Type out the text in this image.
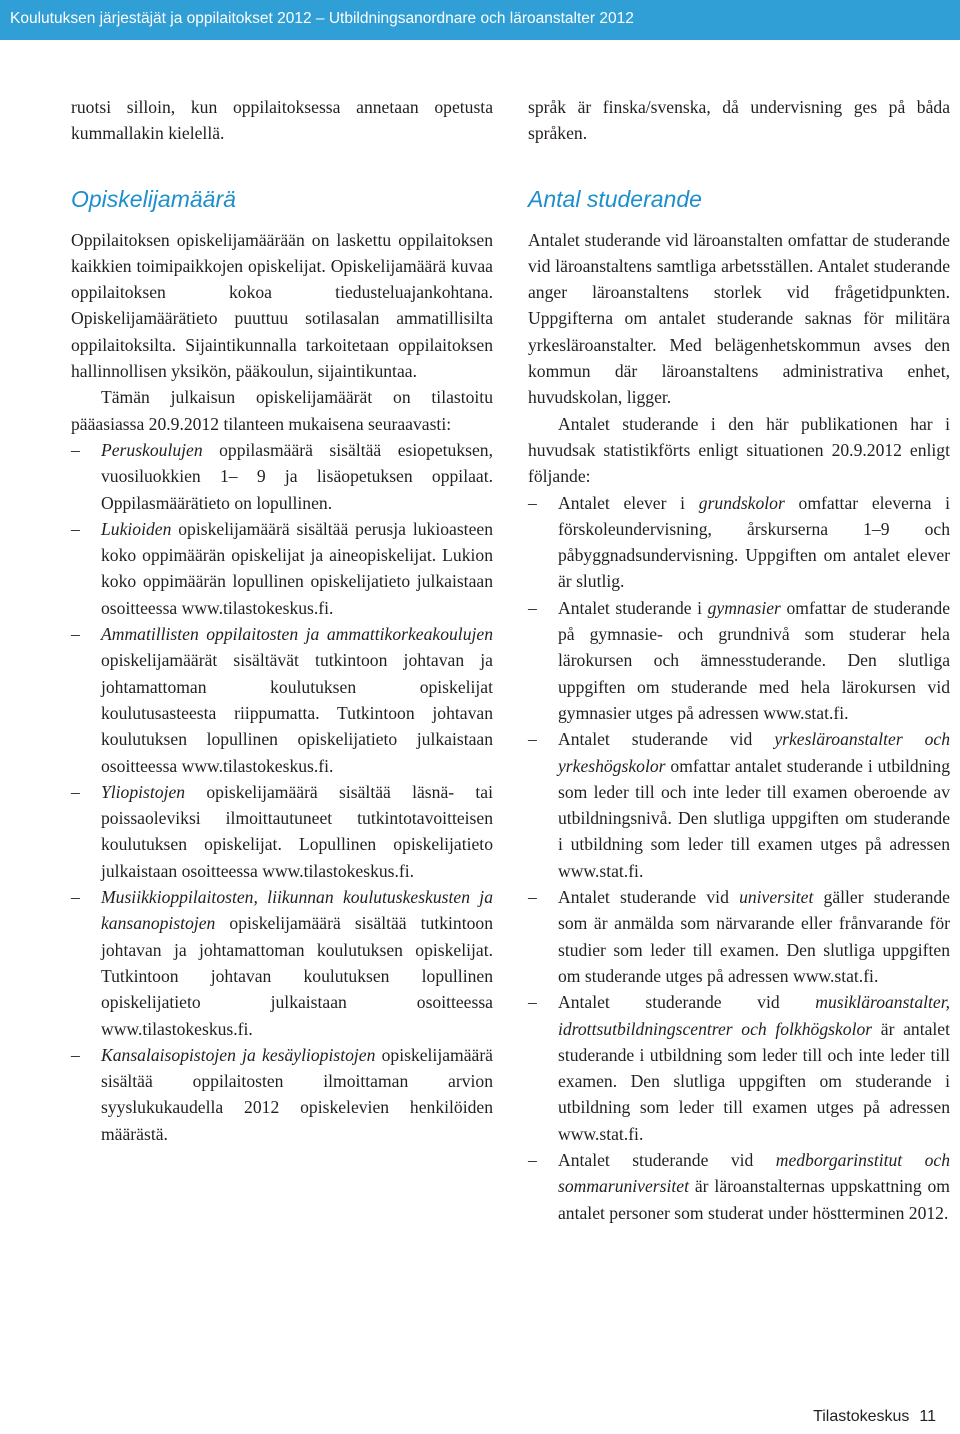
Koulutuksen järjestäjät ja oppilaitokset 2012 – Utbildningsanordnare och läroanstalter 2012

ruotsi silloin, kun oppilaitoksessa annetaan opetusta kummallakin kielellä.

Opiskelijamäärä

Oppilaitoksen opiskelijamäärään on laskettu oppilaitoksen kaikkien toimipaikkojen opiskelijat. Opiskelijamäärä kuvaa oppilaitoksen kokoa tiedusteluajankohtana. Opiskelijamäärätieto puuttuu sotilasalan ammatillisilta oppilaitoksilta. Sijaintikunnalla tarkoitetaan oppilaitoksen hallinnollisen yksikön, pääkoulun, sijaintikuntaa.

Tämän julkaisun opiskelijamäärät on tilastoitu pääasiassa 20.9.2012 tilanteen mukaisena seuraavasti:

–	Peruskoulujen oppilasmäärä sisältää esiopetuksen, vuosiluokkien 1– 9 ja lisäopetuksen oppilaat. Oppilasmäärätieto on lopullinen.
–	Lukioiden opiskelijamäärä sisältää perusja lukioasteen koko oppimäärän opiskelijat ja aineopiskelijat. Lukion koko oppimäärän lopullinen opiskelijatieto julkaistaan osoitteessa www.tilastokeskus.fi.
–	Ammatillisten oppilaitosten ja ammattikorkeakoulujen opiskelijamäärät sisältävät tutkintoon johtavan ja johtamattoman koulutuksen opiskelijat koulutusasteesta riippumatta. Tutkintoon johtavan koulutuksen lopullinen opiskelijatieto julkaistaan osoitteessa www.tilastokeskus.fi.
–	Yliopistojen opiskelijamäärä sisältää läsnä- tai poissaoleviksi ilmoittautuneet tutkintotavoitteisen koulutuksen opiskelijat. Lopullinen opiskelijatieto julkaistaan osoitteessa www.tilastokeskus.fi.
–	Musiikkioppilaitosten, liikunnan koulutuskeskusten ja kansanopistojen opiskelijamäärä sisältää tutkintoon johtavan ja johtamattoman koulutuksen opiskelijat. Tutkintoon johtavan koulutuksen lopullinen opiskelijatieto julkaistaan osoitteessa www.tilastokeskus.fi.
–	Kansalaisopistojen ja kesäyliopistojen opiskelijamäärä sisältää oppilaitosten ilmoittaman arvion syyslukukaudella 2012 opiskelevien henkilöiden määrästä.

språk är finska/svenska, då undervisning ges på båda språken.

Antal studerande

Antalet studerande vid läroanstalten omfattar de studerande vid läroanstaltens samtliga arbetsställen. Antalet studerande anger läroanstaltens storlek vid frågetidpunkten. Uppgifterna om antalet studerande saknas för militära yrkesläroanstalter. Med belägenhetskommun avses den kommun där läroanstaltens administrativa enhet, huvudskolan, ligger.

Antalet studerande i den här publikationen har i huvudsak statistikförts enligt situationen 20.9.2012 enligt följande:

–	Antalet elever i grundskolor omfattar eleverna i förskoleundervisning, årskurserna 1–9 och påbyggnadsundervisning. Uppgiften om antalet elever är slutlig.
–	Antalet studerande i gymnasier omfattar de studerande på gymnasie- och grundnivå som studerar hela lärokursen och ämnesstuderande. Den slutliga uppgiften om studerande med hela lärokursen vid gymnasier utges på adressen www.stat.fi.
–	Antalet studerande vid yrkesläroanstalter och yrkeshögskolor omfattar antalet studerande i utbildning som leder till och inte leder till examen oberoende av utbildningsnivå. Den slutliga uppgiften om studerande i utbildning som leder till examen utges på adressen www.stat.fi.
–	Antalet studerande vid universitet gäller studerande som är anmälda som närvarande eller frånvarande för studier som leder till examen. Den slutliga uppgiften om studerande utges på adressen www.stat.fi.
–	Antalet studerande vid musikläroanstalter, idrottsutbildningscentrer och folkhögskolor är antalet studerande i utbildning som leder till och inte leder till examen. Den slutliga uppgiften om studerande i utbildning som leder till examen utges på adressen www.stat.fi.
–	Antalet studerande vid medborgarinstitut och sommaruniversitet är läroanstalternas uppskattning om antalet personer som studerat under höstterminen 2012.
Tilastokeskus 11
